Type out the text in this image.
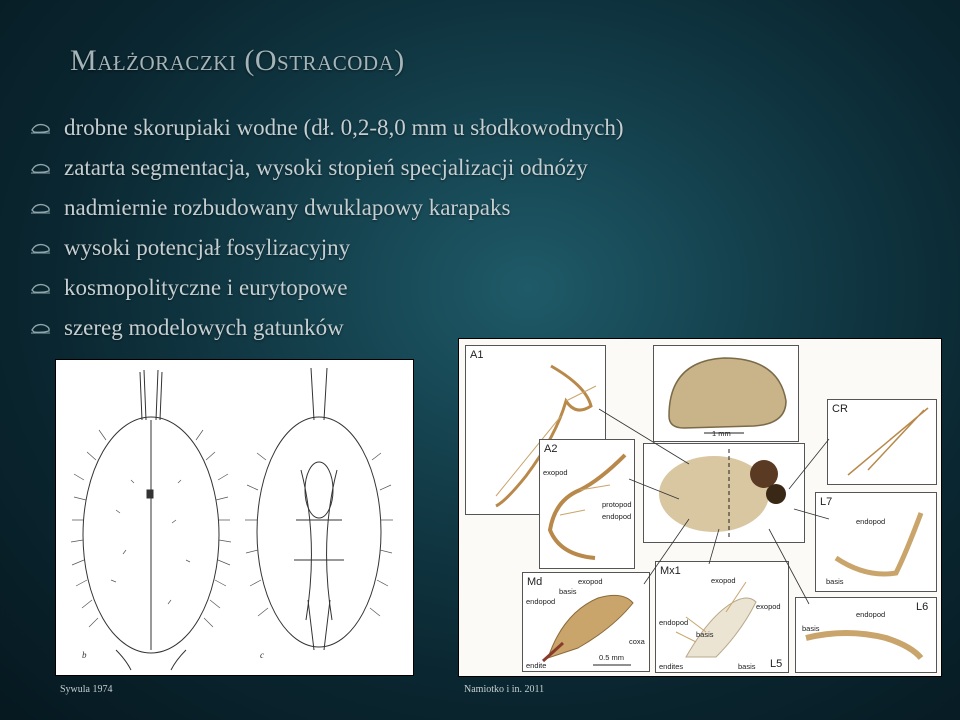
Małżoraczki (Ostracoda)
drobne skorupiaki wodne (dł. 0,2-8,0 mm u słodkowodnych)
zatarta segmentacja, wysoki stopień specjalizacji odnóży
nadmiernie rozbudowany dwuklapowy karapaks
wysoki potencjał fosylizacyjny
kosmopolityczne i eurytopowe
szereg modelowych gatunków
b	c
A1
1 mm
A2
exopod
protopod
endopod
CR
L7
endopod
basis
Md	exopod
endopod
basis
coxa
endite
0.5 mm
Mx1
exopod
endopod
exopod
basis
endites	basis L5
L6
endopod
basis
Sywula 1974	Namiotko i in. 2011
